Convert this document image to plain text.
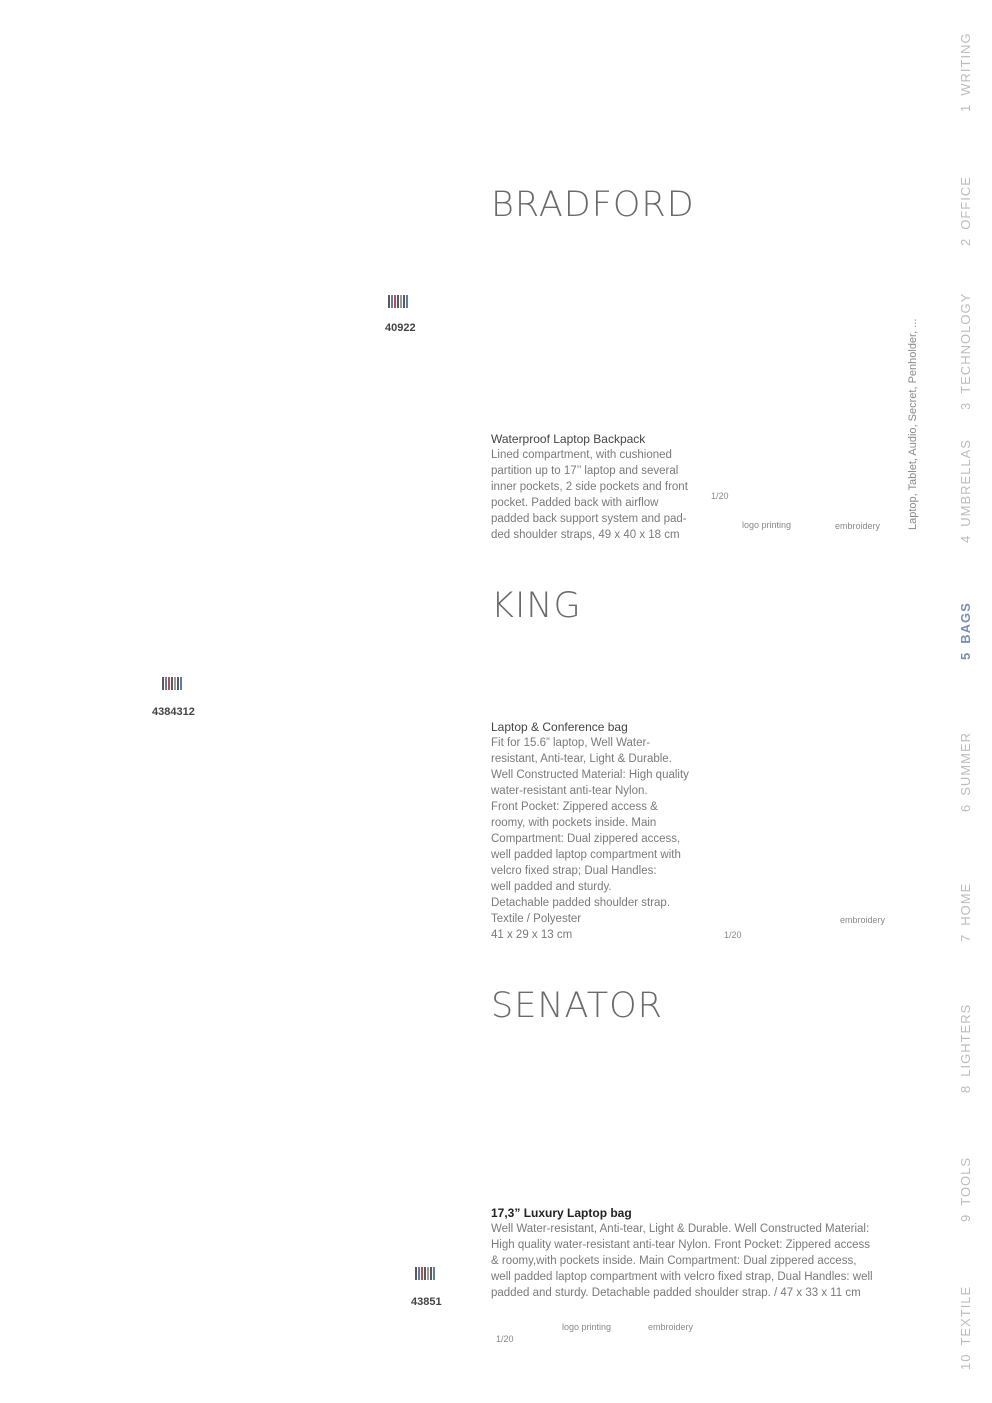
BRADFORD
40922
Waterproof Laptop Backpack
Lined compartment, with cushioned
partition up to 17’’ laptop and several
inner pockets, 2 side pockets and front
pocket. Padded back with airflow
padded back support system and pad-
ded shoulder straps, 49 x 40 x 18 cm
1/20
logo printing	embroidery Laptop, Tablet, Audio, Secret, Penholder, ...
KING
4384312
Laptop & Conference bag
Fit for 15.6” laptop, Well Water-
resistant, Anti-tear, Light & Durable.
Well Constructed Material: High quality
water-resistant anti-tear Nylon.
Front Pocket: Zippered access &
roomy, with pockets inside. Main
Compartment: Dual zippered access,
well padded laptop compartment with
velcro fixed strap; Dual Handles:
well padded and sturdy.
Detachable padded shoulder strap.
Textile / Polyester
41 x 29 x 13 cm	1/20
embroidery
SENATOR
43851
17,3” Luxury Laptop bag
Well Water-resistant, Anti-tear, Light & Durable. Well Constructed Material:
High quality water-resistant anti-tear Nylon. Front Pocket: Zippered access
& roomy,with pockets inside. Main Compartment: Dual zippered access,
well padded laptop compartment with velcro fixed strap, Dual Handles: well
padded and sturdy. Detachable padded shoulder strap. / 47 x 33 x 11 cm
1/20
logo printing	embroidery
1WRITING
2OFFICE
3TECHNOLOGY
4UMBRELLAS
5BAGS
6SUMMER
7HOME
8LIGHTERS
9TOOLS
10TEXTILE
